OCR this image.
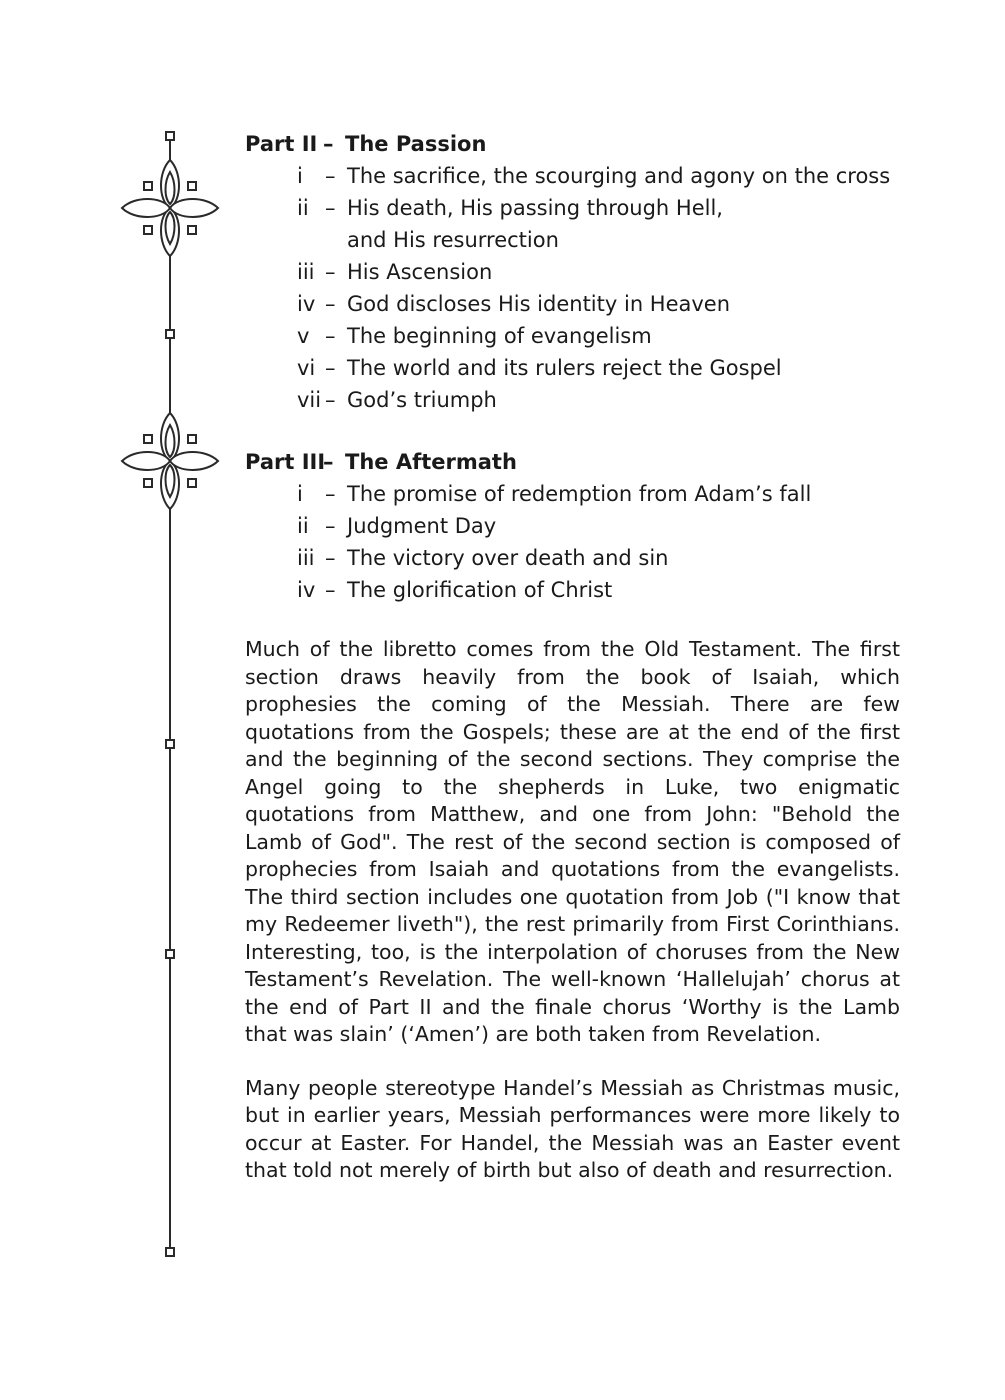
Part II – The Passion
i	– The sacrifice, the scourging and agony on the cross
ii – His death, His passing through Hell,
and His resurrection
iii – His Ascension
iv – God discloses His identity in Heaven
v – The beginning of evangelism
vi – The world and its rulers reject the Gospel
vii – God’s triumph
Part III– The Aftermath
i	– The promise of redemption from Adam’s fall
ii – Judgment Day
iii – The victory over death and sin
iv – The glorification of Christ

Much of the libretto comes from the Old Testament. The first section draws heavily from the book of Isaiah, which prophesies the coming of the Messiah. There are few quotations from the Gospels; these are at the end of the first and the beginning of the second sections. They comprise the Angel going to the shepherds in Luke, two enigmatic quotations from Matthew, and one from John: "Behold the Lamb of God". The rest of the second section is composed of prophecies from Isaiah and quotations from the evangelists. The third section includes one quotation from Job ("I know that my Redeemer liveth"), the rest primarily from First Corinthians. Interesting, too, is the interpolation of choruses from the New Testament’s Revelation. The well-known ‘Hallelujah’ chorus at the end of Part II and the finale chorus ‘Worthy is the Lamb that was slain’ (‘Amen’) are both taken from Revelation.

Many people stereotype Handel’s Messiah as Christmas music, but in earlier years, Messiah performances were more likely to occur at Easter. For Handel, the Messiah was an Easter event that told not merely of birth but also of death and resurrection.
